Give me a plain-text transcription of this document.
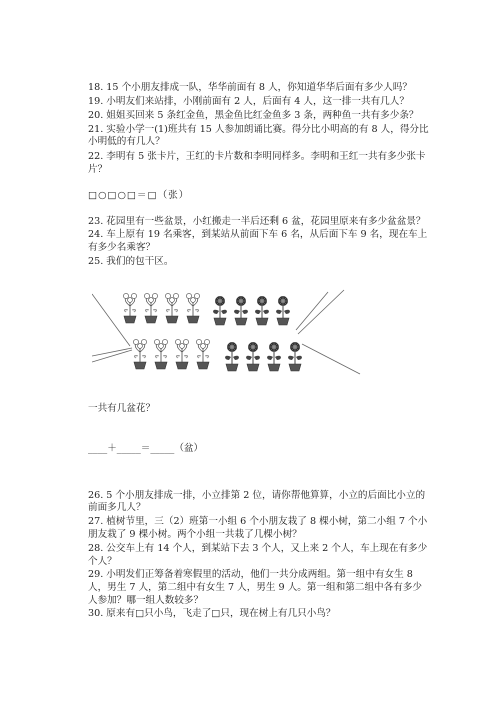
18. 15 个小朋友排成一队，华华前面有 8 人，你知道华华后面有多少人吗？
19. 小明友们来站排，小刚前面有 2 人，后面有 4 人，这一排一共有几人？
20. 姐姐买回来 5 条红金鱼，黑金鱼比红金鱼多 3 条，两种鱼一共有多少条？
21. 实验小学一(1)班共有 15 人参加朗诵比赛。得分比小明高的有 8 人，得分比
小明低的有几人？
22. 李明有 5 张卡片，王红的卡片数和李明同样多。李明和王红一共有多少张卡
片？
□○□○□＝□（张）
23. 花园里有一些盆景，小红搬走一半后还剩 6 盆，花园里原来有多少盆盆景？
24. 车上原有 19 名乘客，到某站从前面下车 6 名，从后面下车 9 名，现在车上
有多少名乘客？
25. 我们的包干区。
一共有几盆花？
____＋_____＝_____（盆）
26. 5 个小朋友排成一排，小立排第 2 位，请你帮他算算，小立的后面比小立的
前面多几人？
27. 植树节里，三（2）班第一小组 6 个小朋友栽了 8 棵小树，第二小组 7 个小
朋友栽了 9 棵小树。两个小组一共栽了几棵小树？
28. 公交车上有 14 个人，到某站下去 3 个人，又上来 2 个人，车上现在有多少
个人？
29. 小明发们正筹备着寒假里的活动，他们一共分成两组。第一组中有女生 8
人，男生 7 人，第二组中有女生 7 人，男生 9 人。第一组和第二组中各有多少
人参加？哪一组人数较多？
30. 原来有□只小鸟，飞走了□只，现在树上有几只小鸟？
